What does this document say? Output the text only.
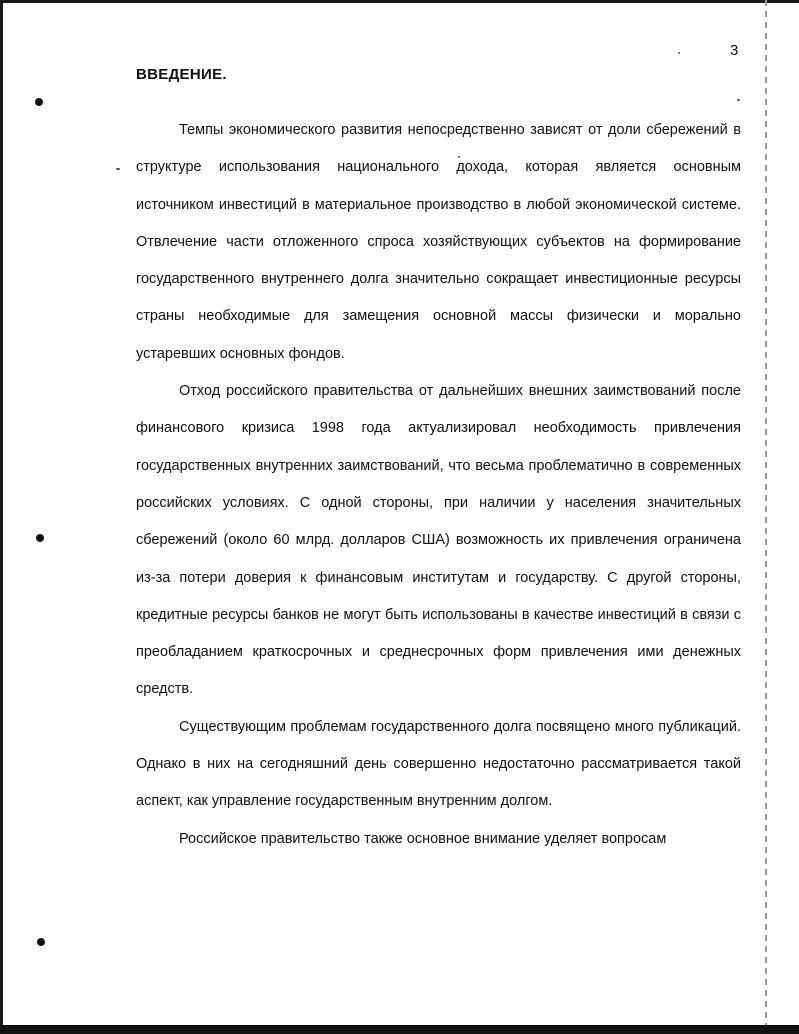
3
ВВЕДЕНИЕ.

Темпы экономического развития непосредственно зависят от доли сбережений в структуре использования национального дохода, которая является основным источником инвестиций в материальное производство в любой экономической системе. Отвлечение части отложенного спроса хозяйствующих субъектов на формирование государственного внутреннего долга значительно сокращает инвестиционные ресурсы страны необходимые для замещения основной массы физически и морально устаревших основных фондов.

Отход российского правительства от дальнейших внешних заимствований после финансового кризиса 1998 года актуализировал необходимость привлечения государственных внутренних заимствований, что весьма проблематично в современных российских условиях. С одной стороны, при наличии у населения значительных сбережений (около 60 млрд. долларов США) возможность их привлечения ограничена из-за потери доверия к финансовым институтам и государству. С другой стороны, кредитные ресурсы банков не могут быть использованы в качестве инвестиций в связи с преобладанием краткосрочных и среднесрочных форм привлечения ими денежных средств.

Существующим проблемам государственного долга посвящено много публикаций. Однако в них на сегодняшний день совершенно недостаточно рассматривается такой аспект, как управление государственным внутренним долгом.

Российское правительство также основное внимание уделяет вопросам
